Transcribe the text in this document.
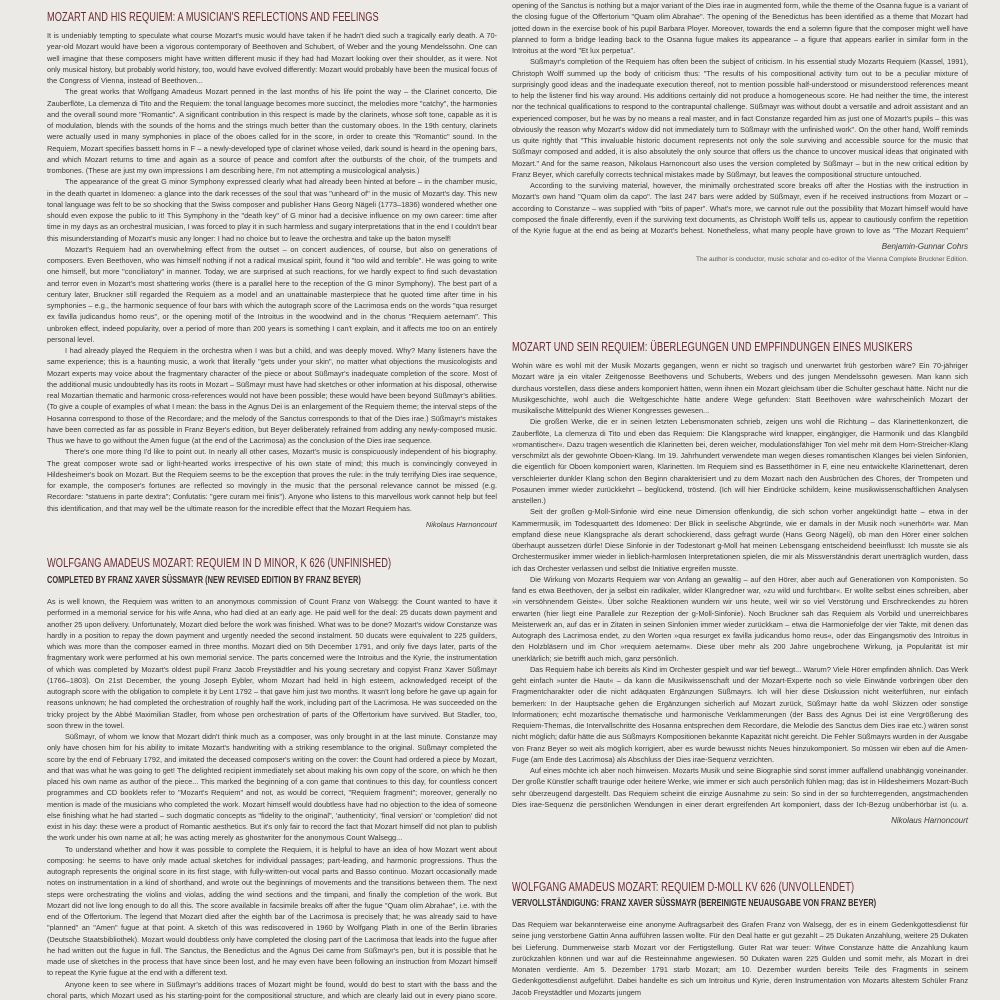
MOZART AND HIS REQUIEM: A MUSICIAN'S REFLECTIONS AND FEELINGS

It is undeniably tempting to speculate what course Mozart's music would have taken if he hadn't died such a tragically early death. A 70-year-old Mozart would have been a vigorous contemporary of Beethoven and Schubert, of Weber and the young Mendelssohn. One can well imagine that these composers might have written different music if they had had Mozart looking over their shoulder, as it were. Not only musical history, but probably world history, too, would have evolved differently: Mozart would probably have been the musical focus of the Congress of Vienna, instead of Beethoven...

The great works that Wolfgang Amadeus Mozart penned in the last months of his life point the way – the Clarinet concerto, Die Zauberflöte, La clemenza di Tito and the Requiem: the tonal language becomes more succinct, the melodies more "catchy", the harmonies and the overall sound more "Romantic". A significant contribution in this respect is made by the clarinets, whose soft tone, capable as it is of modulation, blends with the sounds of the horns and the strings much better than the customary oboes. In the 19th century, clarinets were actually used in many symphonies in place of the oboes called for in the score, in order to create this "Romantic" sound. In the Requiem, Mozart specifies bassett horns in F – a newly-developed type of clarinet whose veiled, dark sound is heard in the opening bars, and which Mozart returns to time and again as a source of peace and comfort after the outbursts of the choir, of the trumpets and trombones. (These are just my own impressions I am describing here, I'm not attempting a musicological analysis.)

The appearance of the great G minor Symphony expressed clearly what had already been hinted at before – in the chamber music, in the death quartet in Idomeneo: a glance into the dark recesses of the soul that was "unheard of" in the music of Mozart's day. This new tonal language was felt to be so shocking that the Swiss composer and publisher Hans Georg Nägeli (1773–1836) wondered whether one should even expose the public to it! This Symphony in the "death key" of G minor had a decisive influence on my own career: time after time in my days as an orchestral musician, I was forced to play it in such harmless and sugary interpretations that in the end I couldn't bear this misunderstanding of Mozart's music any longer: I had no choice but to leave the orchestra and take up the baton myself!

Mozart's Requiem had an overwhelming effect from the outset – on concert audiences, of course, but also on generations of composers. Even Beethoven, who was himself nothing if not a radical musical spirit, found it "too wild and terrible". He was going to write one himself, but more "conciliatory" in manner. Today, we are surprised at such reactions, for we hardly expect to find such devastation and terror even in Mozart's most shattering works (there is a parallel here to the reception of the G minor Symphony). The best part of a century later, Bruckner still regarded the Requiem as a model and an unattainable masterpiece that he quoted time after time in his symphonies – e.g., the harmonic sequence of four bars with which the autograph score of the Lacrimosa ends on the words "qua resurget ex favilla judicandus homo reus", or the opening motif of the Introitus in the woodwind and in the chorus "Requiem aeternam". This unbroken effect, indeed popularity, over a period of more than 200 years is something I can't explain, and it affects me too on an entirely personal level.

I had already played the Requiem in the orchestra when I was but a child, and was deeply moved. Why? Many listeners have the same experience; this is a haunting music, a work that literally "gets under your skin", no matter what objections the musicologists and Mozart experts may voice about the fragmentary character of the piece or about Süßmayr's inadequate completion of the score. Most of the additional music undoubtedly has its roots in Mozart – Süßmayr must have had sketches or other information at his disposal, otherwise real Mozartian thematic and harmonic cross-references would not have been possible; these would have been beyond Süßmayr's abilities. (To give a couple of examples of what I mean: the bass in the Agnus Dei is an enlargement of the Requiem theme; the interval steps of the Hosanna correspond to those of the Recordare; and the melody of the Sanctus corresponds to that of the Dies irae.) Süßmayr's mistakes have been corrected as far as possible in Franz Beyer's edition, but Beyer deliberately refrained from adding any newly-composed music. Thus we have to go without the Amen fugue (at the end of the Lacrimosa) as the conclusion of the Dies irae sequence.

There's one more thing I'd like to point out. In nearly all other cases, Mozart's music is conspicuously independent of his biography. The great composer wrote sad or light-hearted works irrespective of his own state of mind; this much is convincingly conveyed in Hildesheimer's book on Mozart. But the Requiem seems to be the exception that proves the rule: in the truly terrifying Dies irae sequence, for example, the composer's fortunes are reflected so movingly in the music that the personal relevance cannot be missed (e.g. Recordare: "statuens in parte dextra"; Confutatis: "gere curam mei finis"). Anyone who listens to this marvellous work cannot help but feel this identification, and that may well be the ultimate reason for the incredible effect that the Mozart Requiem has.

Nikolaus Harnoncourt
WOLFGANG AMADEUS MOZART: REQUIEM IN D MINOR, K 626 (UNFINISHED)
COMPLETED BY FRANZ XAVER SÜSSMAYR (NEW REVISED EDITION BY FRANZ BEYER)

As is well known, the Requiem was written to an anonymous commission of Count Franz von Walsegg: the Count wanted to have it performed in a memorial service for his wife Anna, who had died at an early age. He paid well for the deal: 25 ducats down payment and another 25 upon delivery. Unfortunately, Mozart died before the work was finished. What was to be done? Mozart's widow Constanze was hardly in a position to repay the down payment and urgently needed the second instalment. 50 ducats were equivalent to 225 guilders, which was more than the composer earned in three months. Mozart died on 5th December 1791, and only five days later, parts of the fragmentary work were performed at his own memorial service. The parts concerned were the Introitus and the Kyrie, the instrumentation of which was completed by Mozart's oldest pupil Franz Jacob Freystädtler and his young secretary and copyist Franz Xaver Süßmayr (1766–1803). On 21st December, the young Joseph Eybler, whom Mozart had held in high esteem, acknowledged receipt of the autograph score with the obligation to complete it by Lent 1792 – that gave him just two months. It wasn't long before he gave up again for reasons unknown; he had completed the orchestration of roughly half the work, including part of the Lacrimosa. He was succeeded on the tricky project by the Abbé Maximilian Stadler, from whose pen orchestration of parts of the Offertorium have survived. But Stadler, too, soon threw in the towel.

Süßmayr, of whom we know that Mozart didn't think much as a composer, was only brought in at the last minute. Constanze may only have chosen him for his ability to imitate Mozart's handwriting with a striking resemblance to the original. Süßmayr completed the score by the end of February 1792, and imitated the deceased composer's writing on the cover: the Count had ordered a piece by Mozart, and that was what he was going to get! The delighted recipient immediately set about making his own copy of the score, on which he then placed his own name as author of the piece... This marked the beginning of a con game that continues to this day, for countless concert programmes and CD booklets refer to "Mozart's Requiem" and not, as would be correct, "Requiem fragment"; moreover, generally no mention is made of the musicians who completed the work. Mozart himself would doubtless have had no objection to the idea of someone else finishing what he had started – such dogmatic concepts as "fidelity to the original", 'authenticity', 'final version' or 'completion' did not exist in his day: these were a product of Romantic aesthetics. But it's only fair to record the fact that Mozart himself did not plan to publish the work under his own name at all; he was acting merely as ghostwriter for the anonymous Count Walsegg...

To understand whether and how it was possible to complete the Requiem, it is helpful to have an idea of how Mozart went about composing: he seems to have only made actual sketches for individual passages; part-leading, and harmonic progressions. Thus the autograph represents the original score in its first stage, with fully-written-out vocal parts and Basso continuo. Mozart occasionally made notes on instrumentation in a kind of shorthand, and wrote out the beginnings of movements and the transitions between them. The next steps were orchestrating the violins and violas, adding the wind sections and the timpani, and finally the completion of the work. But Mozart did not live long enough to do all this. The score available in facsimile breaks off after the fugue "Quam olim Abrahae", i.e. with the end of the Offertorium. The legend that Mozart died after the eighth bar of the Lacrimosa is precisely that; he was already said to have "planned" an "Amen" fugue at that point. A sketch of this was rediscovered in 1960 by Wolfgang Plath in one of the Berlin libraries (Deutsche Staatsbibliothek). Mozart would doubtless only have completed the closing part of the Lacrimosa that leads into the fugue after he had written out the fugue in full. The Sanctus, the Benedictus and the Agnus Dei came from Süßmayr's pen, but it is possible that he made use of sketches in the process that have since been lost, and he may even have been following an instruction from Mozart himself to repeat the Kyrie fugue at the end with a different text.

Anyone keen to see where in Süßmayr's additions traces of Mozart might be found, would do best to start with the bass and the choral parts, which Mozart used as his starting-point for the compositional structure, and which are clearly laid out in every piano score.

opening of the Sanctus is nothing but a major variant of the Dies irae in augmented form, while the theme of the Osanna fugue is a variant of the closing fugue of the Offertorium "Quam olim Abrahae". The opening of the Benedictus has been identified as a theme that Mozart had jotted down in the exercise book of his pupil Barbara Ployer. Moreover, towards the end a solemn figure that the composer might well have planned to form a bridge leading back to the Osanna fugue makes its appearance – a figure that appears earlier in similar form in the Introitus at the word "Et lux perpetua".

Süßmayr's completion of the Requiem has often been the subject of criticism. In his essential study Mozarts Requiem (Kassel, 1991), Christoph Wolff summed up the body of criticism thus: "The results of his compositional activity turn out to be a peculiar mixture of surprisingly good ideas and the inadequate execution thereof, not to mention possible half-understood or misunderstood references meant to help the listener find his way around. His additions certainly did not produce a homogeneous score. He had neither the time, the interest nor the technical qualifications to respond to the contrapuntal challenge. Süßmayr was without doubt a versatile and adroit assistant and an experienced composer, but he was by no means a real master, and in fact Constanze regarded him as just one of Mozart's pupils – this was obviously the reason why Mozart's widow did not immediately turn to Süßmayr with the unfinished work". On the other hand, Wolff reminds us quite rightly that "This invaluable historic document represents not only the sole surviving and accessible source for the music that Süßmayr composed and added, it is also absolutely the only source that offers us the chance to uncover musical ideas that originated with Mozart." And for the same reason, Nikolaus Harnoncourt also uses the version completed by Süßmayr – but in the new critical edition by Franz Beyer, which carefully corrects technical mistakes made by Süßmayr, but leaves the compositional structure untouched.

According to the surviving material, however, the minimally orchestrated score breaks off after the Hostias with the instruction in Mozart's own hand "Quam olim da capo". The last 247 bars were added by Süßmayr, even if he received instructions from Mozart or – according to Constanze – was supplied with "bits of paper". What's more, we cannot rule out the possibility that Mozart himself would have composed the finale differently, even if the surviving text documents, as Christoph Wolff tells us, appear to cautiously confirm the repetition of the Kyrie fugue at the end as being at Mozart's behest. Nonetheless, what many people have grown to love as "The Mozart Requiem"

Benjamin-Gunnar Cohrs
The author is conductor, music scholar and co-editor of the Vienna Complete Bruckner Edition.
MOZART UND SEIN REQUIEM: ÜBERLEGUNGEN UND EMPFINDUNGEN EINES MUSIKERS

Wohin wäre es wohl mit der Musik Mozarts gegangen, wenn er nicht so tragisch und unerwartet früh gestorben wäre? Ein 70-jähriger Mozart wäre ja ein vitaler Zeitgenosse Beethovens und Schuberts, Webers und des jungen Mendelssohn gewesen. Man kann sich durchaus vorstellen, dass diese anders komponiert hätten, wenn ihnen ein Mozart gleichsam über die Schulter geschaut hätte. Nicht nur die Musikgeschichte, wohl auch die Weltgeschichte hätte andere Wege gefunden: Statt Beethoven wäre wahrscheinlich Mozart der musikalische Mittelpunkt des Wiener Kongresses gewesen...

Die großen Werke, die er in seinen letzten Lebensmonaten schrieb, zeigen uns wohl die Richtung – das Klarinettenkonzert, die Zauberflöte, La clemenza di Tito und eben das Requiem: Die Klangsprache wird knapper, eingängiger, die Harmonik und das Klangbild »romantischer«. Dazu tragen wesentlich die Klarinetten bei, deren weicher, modulationsfähiger Ton viel mehr mit dem Horn-Streicher-Klang verschmilzt als der gewohnte Oboen-Klang. Im 19. Jahrhundert verwendete man wegen dieses romantischen Klanges bei vielen Sinfonien, die eigentlich für Oboen komponiert waren, Klarinetten. Im Requiem sind es Bassetthörner in F, eine neu entwickelte Klarinettenart, deren verschleierter dunkler Klang schon den Beginn charakterisiert und zu dem Mozart nach den Ausbrüchen des Chores, der Trompeten und Posaunen immer wieder zurückkehrt – beglückend, tröstend. (Ich will hier Eindrücke schildern, keine musikwissenschaftlichen Analysen anstellen.)

Seit der großen g-Moll-Sinfonie wird eine neue Dimension offenkundig, die sich schon vorher angekündigt hatte – etwa in der Kammermusik, im Todesquartett des Idomeneo: Der Blick in seelische Abgründe, wie er damals in der Musik noch »unerhört« war. Man empfand diese neue Klangsprache als derart schockierend, dass gefragt wurde (Hans Georg Nägeli), ob man den Hörer einer solchen überhaupt aussetzen dürfe! Diese Sinfonie in der Todestonart g-Moll hat meinen Lebensgang entscheidend beeinflusst: Ich musste sie als Orchestermusiker immer wieder in lieblich-harmlosen Interpretationen spielen, die mir als Missverständnis derart unerträglich wurden, dass ich das Orchester verlassen und selbst die Initiative ergreifen musste.

Die Wirkung von Mozarts Requiem war von Anfang an gewaltig – auf den Hörer, aber auch auf Generationen von Komponisten. So fand es etwa Beethoven, der ja selbst ein radikaler, wilder Klangredner war, »zu wild und furchtbar«. Er wollte selbst eines schreiben, aber »in versöhnendem Geiste«. Über solche Reaktionen wundern wir uns heute, weil wir so viel Verstörung und Erschreckendes zu hören erwarten (hier liegt eine Parallele zur Rezeption der g-Moll-Sinfonie). Noch Bruckner sah das Requiem als Vorbild und unerreichbares Meisterwerk an, auf das er in Zitaten in seinen Sinfonien immer wieder zurückkam – etwa die Harmoniefolge der vier Takte, mit denen das Autograph des Lacrimosa endet, zu den Worten »qua resurget ex favilla judicandus homo reus«, oder das Eingangsmotiv des Introitus in den Holzbläsern und im Chor »requiem aeternam«. Diese über mehr als 200 Jahre ungebrochene Wirkung, ja Popularität ist mir unerklärlich; sie betrifft auch mich, ganz persönlich.

Das Requiem habe ich bereits als Kind im Orchester gespielt und war tief bewegt... Warum? Viele Hörer empfinden ähnlich. Das Werk geht einfach »unter die Haut« – da kann die Musikwissenschaft und der Mozart-Experte noch so viele Einwände vorbringen über den Fragmentcharakter oder die nicht adäquaten Ergänzungen Süßmayrs. Ich will hier diese Diskussion nicht weiterführen, nur einfach bemerken: In der Hauptsache gehen die Ergänzungen sicherlich auf Mozart zurück, Süßmayr hatte da wohl Skizzen oder sonstige Informationen; echt mozartische thematische und harmonische Verklammerungen (der Bass des Agnus Dei ist eine Vergrößerung des Requiem-Themas, die Intervallschritte des Hosanna entsprechen dem Recordare, die Melodie des Sanctus dem Dies irae etc.) wären sonst nicht möglich; dafür hätte die aus Süßmayrs Kompositionen bekannte Kapazität nicht gereicht. Die Fehler Süßmayrs wurden in der Ausgabe von Franz Beyer so weit als möglich korrigiert, aber es wurde bewusst nichts Neues hinzukomponiert. So müssen wir eben auf die Amen-Fuge (am Ende des Lacrimosa) als Abschluss der Dies irae-Sequenz verzichten.

Auf eines möchte ich aber noch hinweisen. Mozarts Musik und seine Biographie sind sonst immer auffallend unabhängig voneinander. Der große Künstler schafft traurige oder heitere Werke, wie immer er sich auch persönlich fühlen mag; das ist in Hildesheimers Mozart-Buch sehr überzeugend dargestellt. Das Requiem scheint die einzige Ausnahme zu sein: So sind in der so furchterregenden, angstmachenden Dies irae-Sequenz die persönlichen Wendungen in einer derart ergreifenden Art komponiert, dass der Ich-Bezug unüberhörbar ist (u. a.

Nikolaus Harnoncourt
WOLFGANG AMADEUS MOZART: REQUIEM D-MOLL KV 626 (UNVOLLENDET)
VERVOLLSTÄNDIGUNG: FRANZ XAVER SÜSSMAYR (BEREINIGTE NEUAUSGABE VON FRANZ BEYER)

Das Requiem war bekannterweise eine anonyme Auftragsarbeit des Grafen Franz von Walsegg, der es in einem Gedenkgottesdienst für seine jung verstorbene Gattin Anna aufführen lassen wollte. Für den Deal hatte er gut gezahlt – 25 Dukaten Anzahlung, weitere 25 Dukaten bei Lieferung. Dummerweise starb Mozart vor der Fertigstellung. Guter Rat war teuer: Witwe Constanze hätte die Anzahlung kaum zurückzahlen können und war auf die Resteinnahme angewiesen. 50 Dukaten waren 225 Gulden und somit mehr, als Mozart in drei Monaten verdiente. Am 5. Dezember 1791 starb Mozart; am 10. Dezember wurden bereits Teile des Fragments in seinem Gedenkgottesdienst aufgeführt. Dabei handelte es sich um Introitus und Kyrie, deren Instrumentation von Mozarts ältestem Schüler Franz Jacob Freystädtler und Mozarts jungem
